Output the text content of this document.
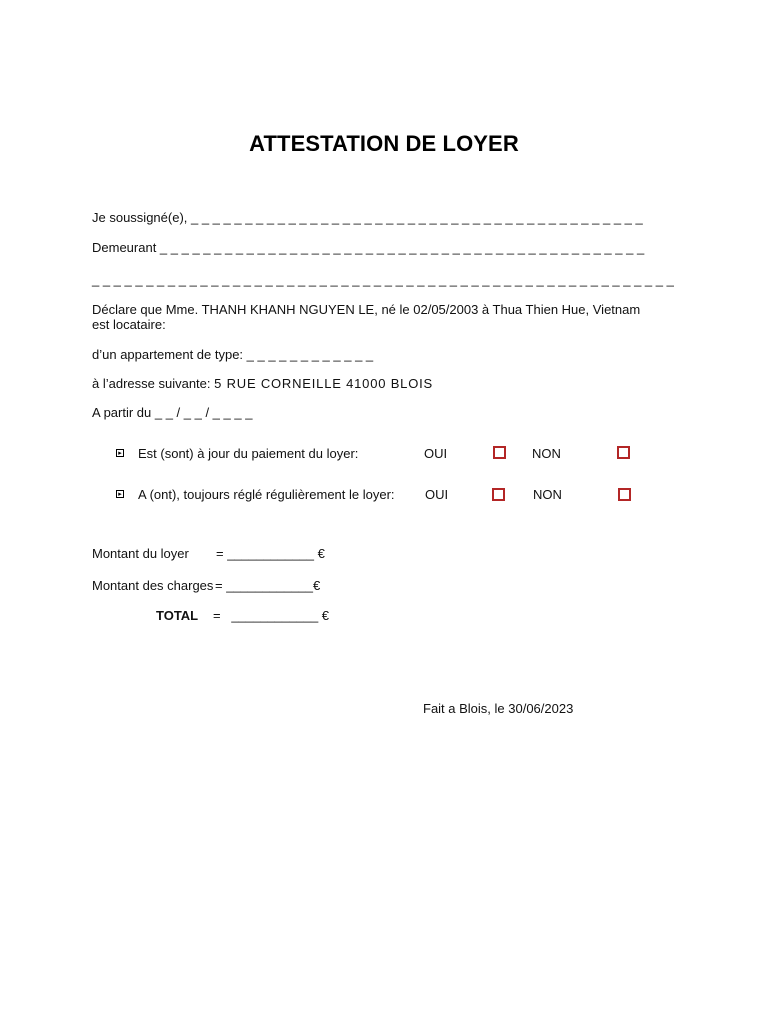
ATTESTATION DE LOYER
Je soussigné(e), _ _ _ _ _ _ _ _ _ _ _ _ _ _ _ _ _ _ _ _ _ _ _ _ _ _ _ _ _ _ _ _ _ _ _ _ _ _ _ _ _ _
Demeurant _ _ _ _ _ _ _ _ _ _ _ _ _ _ _ _ _ _ _ _ _ _ _ _ _ _ _ _ _ _ _ _ _ _ _ _ _ _ _ _ _ _ _ _ _
_ _ _ _ _ _ _ _ _ _ _ _ _ _ _ _ _ _ _ _ _ _ _ _ _ _ _ _ _ _ _ _ _ _ _ _ _ _ _ _ _ _ _ _ _ _ _ _ _ _ _ _ _ _
Déclare que Mme. THANH KHANH NGUYEN LE, né le 02/05/2003 à Thua Thien Hue, Vietnam est locataire:
d’un appartement de type: _ _ _ _ _ _ _ _ _ _ _ _
à l’adresse suivante: 5 RUE CORNEILLE 41000 BLOIS
A partir du _ _ / _ _ / _ _ _ _
▸ Est (sont) à jour du paiement du loyer:	OUI	NON
▸ A (ont), toujours réglé régulièrement le loyer: OUI	NON
Montant du loyer = ____________ €
Montant des charges = ____________€
TOTAL =   ____________ €
Fait a Blois, le 30/06/2023
